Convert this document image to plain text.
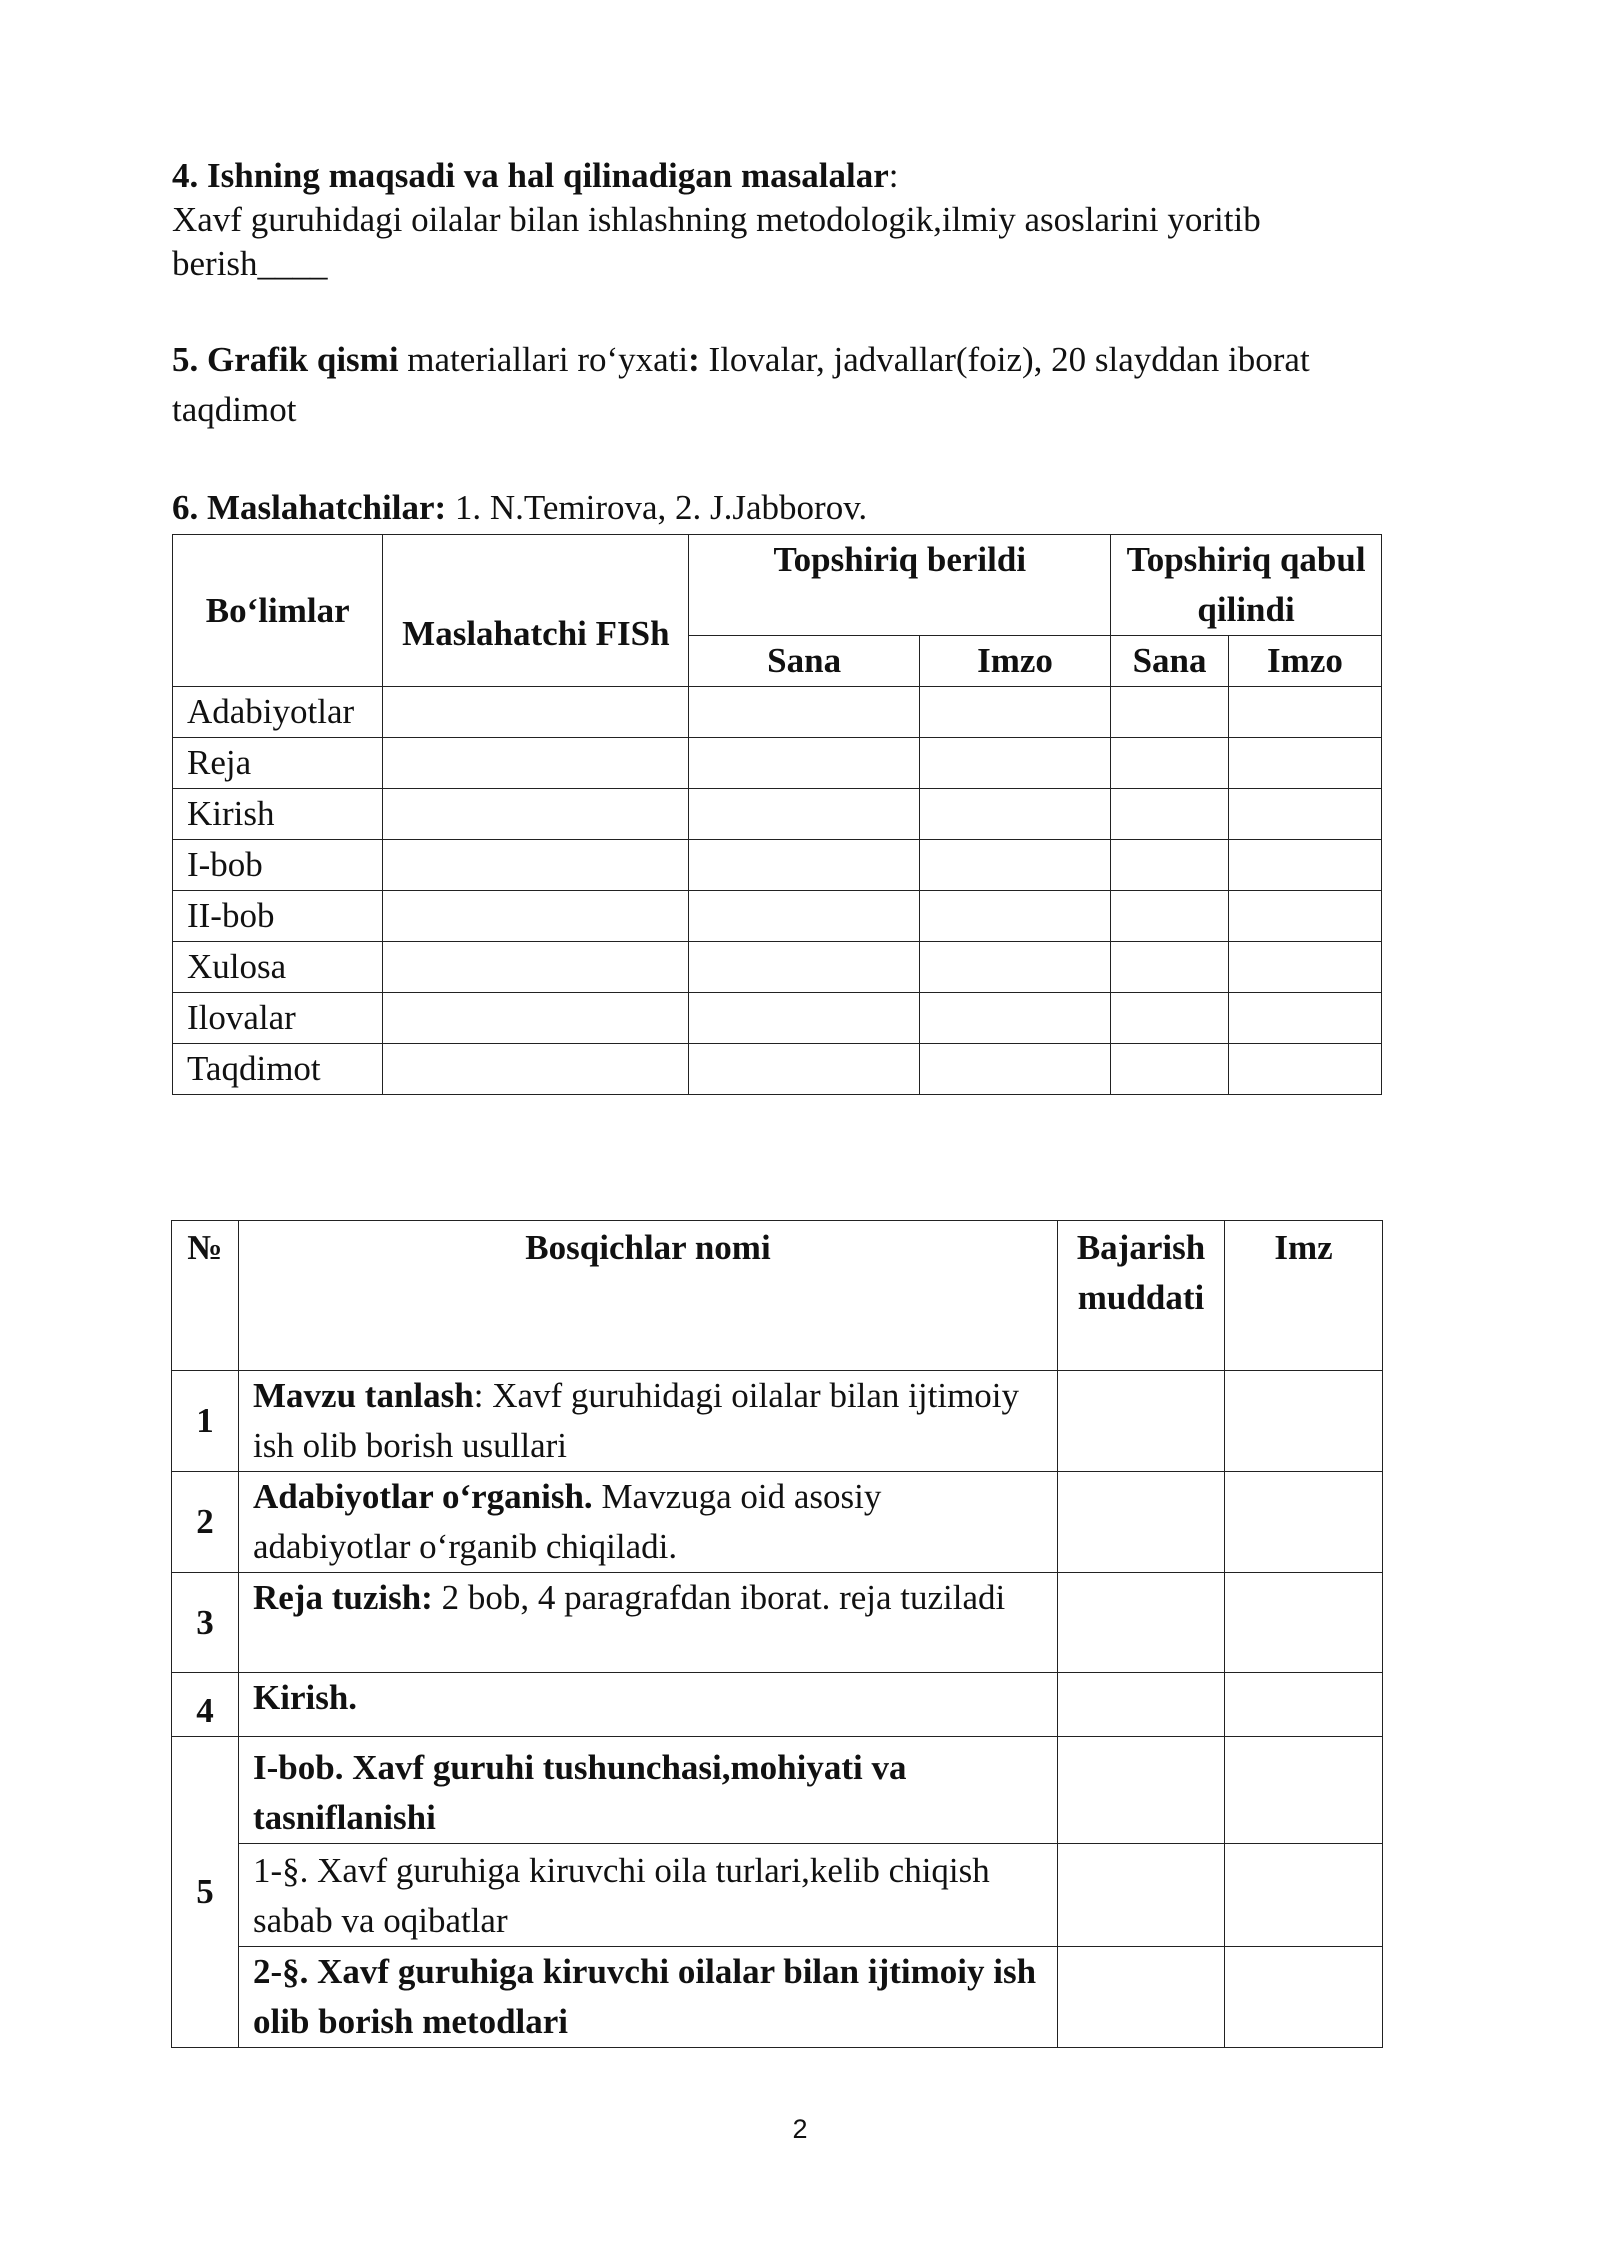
4. Ishning maqsadi va hal qilinadigan masalalar:
Xavf guruhidagi oilalar bilan ishlashning metodologik,ilmiy asoslarini yoritib berish____

5. Grafik qismi materiallari ro‘yxati: Ilovalar, jadvallar(foiz), 20 slayddan iborat taqdimot

6. Maslahatchilar: 1. N.Temirova, 2. J.Jabborov.

Bo‘limlar	Maslahatchi FISh	Topshiriq berildi		Topshiriq qabul qilindi	
		Sana	Imzo	Sana	Imzo
Adabiyotlar					
Reja					
Kirish					
I-bob					
II-bob					
Xulosa					
Ilovalar					
Taqdimot					
№	Bosqichlar nomi	Bajarish muddati	Imz
1	Mavzu tanlash: Xavf guruhidagi oilalar bilan ijtimoiy ish olib borish usullari		
2	Adabiyotlar o‘rganish. Mavzuga oid asosiy adabiyotlar o‘rganib chiqiladi.		
3	Reja tuzish: 2 bob, 4 paragrafdan iborat. reja tuziladi		
4	Kirish.		
5	I-bob. Xavf guruhi tushunchasi,mohiyati va tasniflanishi		
	1-§. Xavf guruhiga kiruvchi oila turlari,kelib chiqish sabab va oqibatlar		
	2-§. Xavf guruhiga kiruvchi oilalar bilan ijtimoiy ish olib borish metodlari		
2
